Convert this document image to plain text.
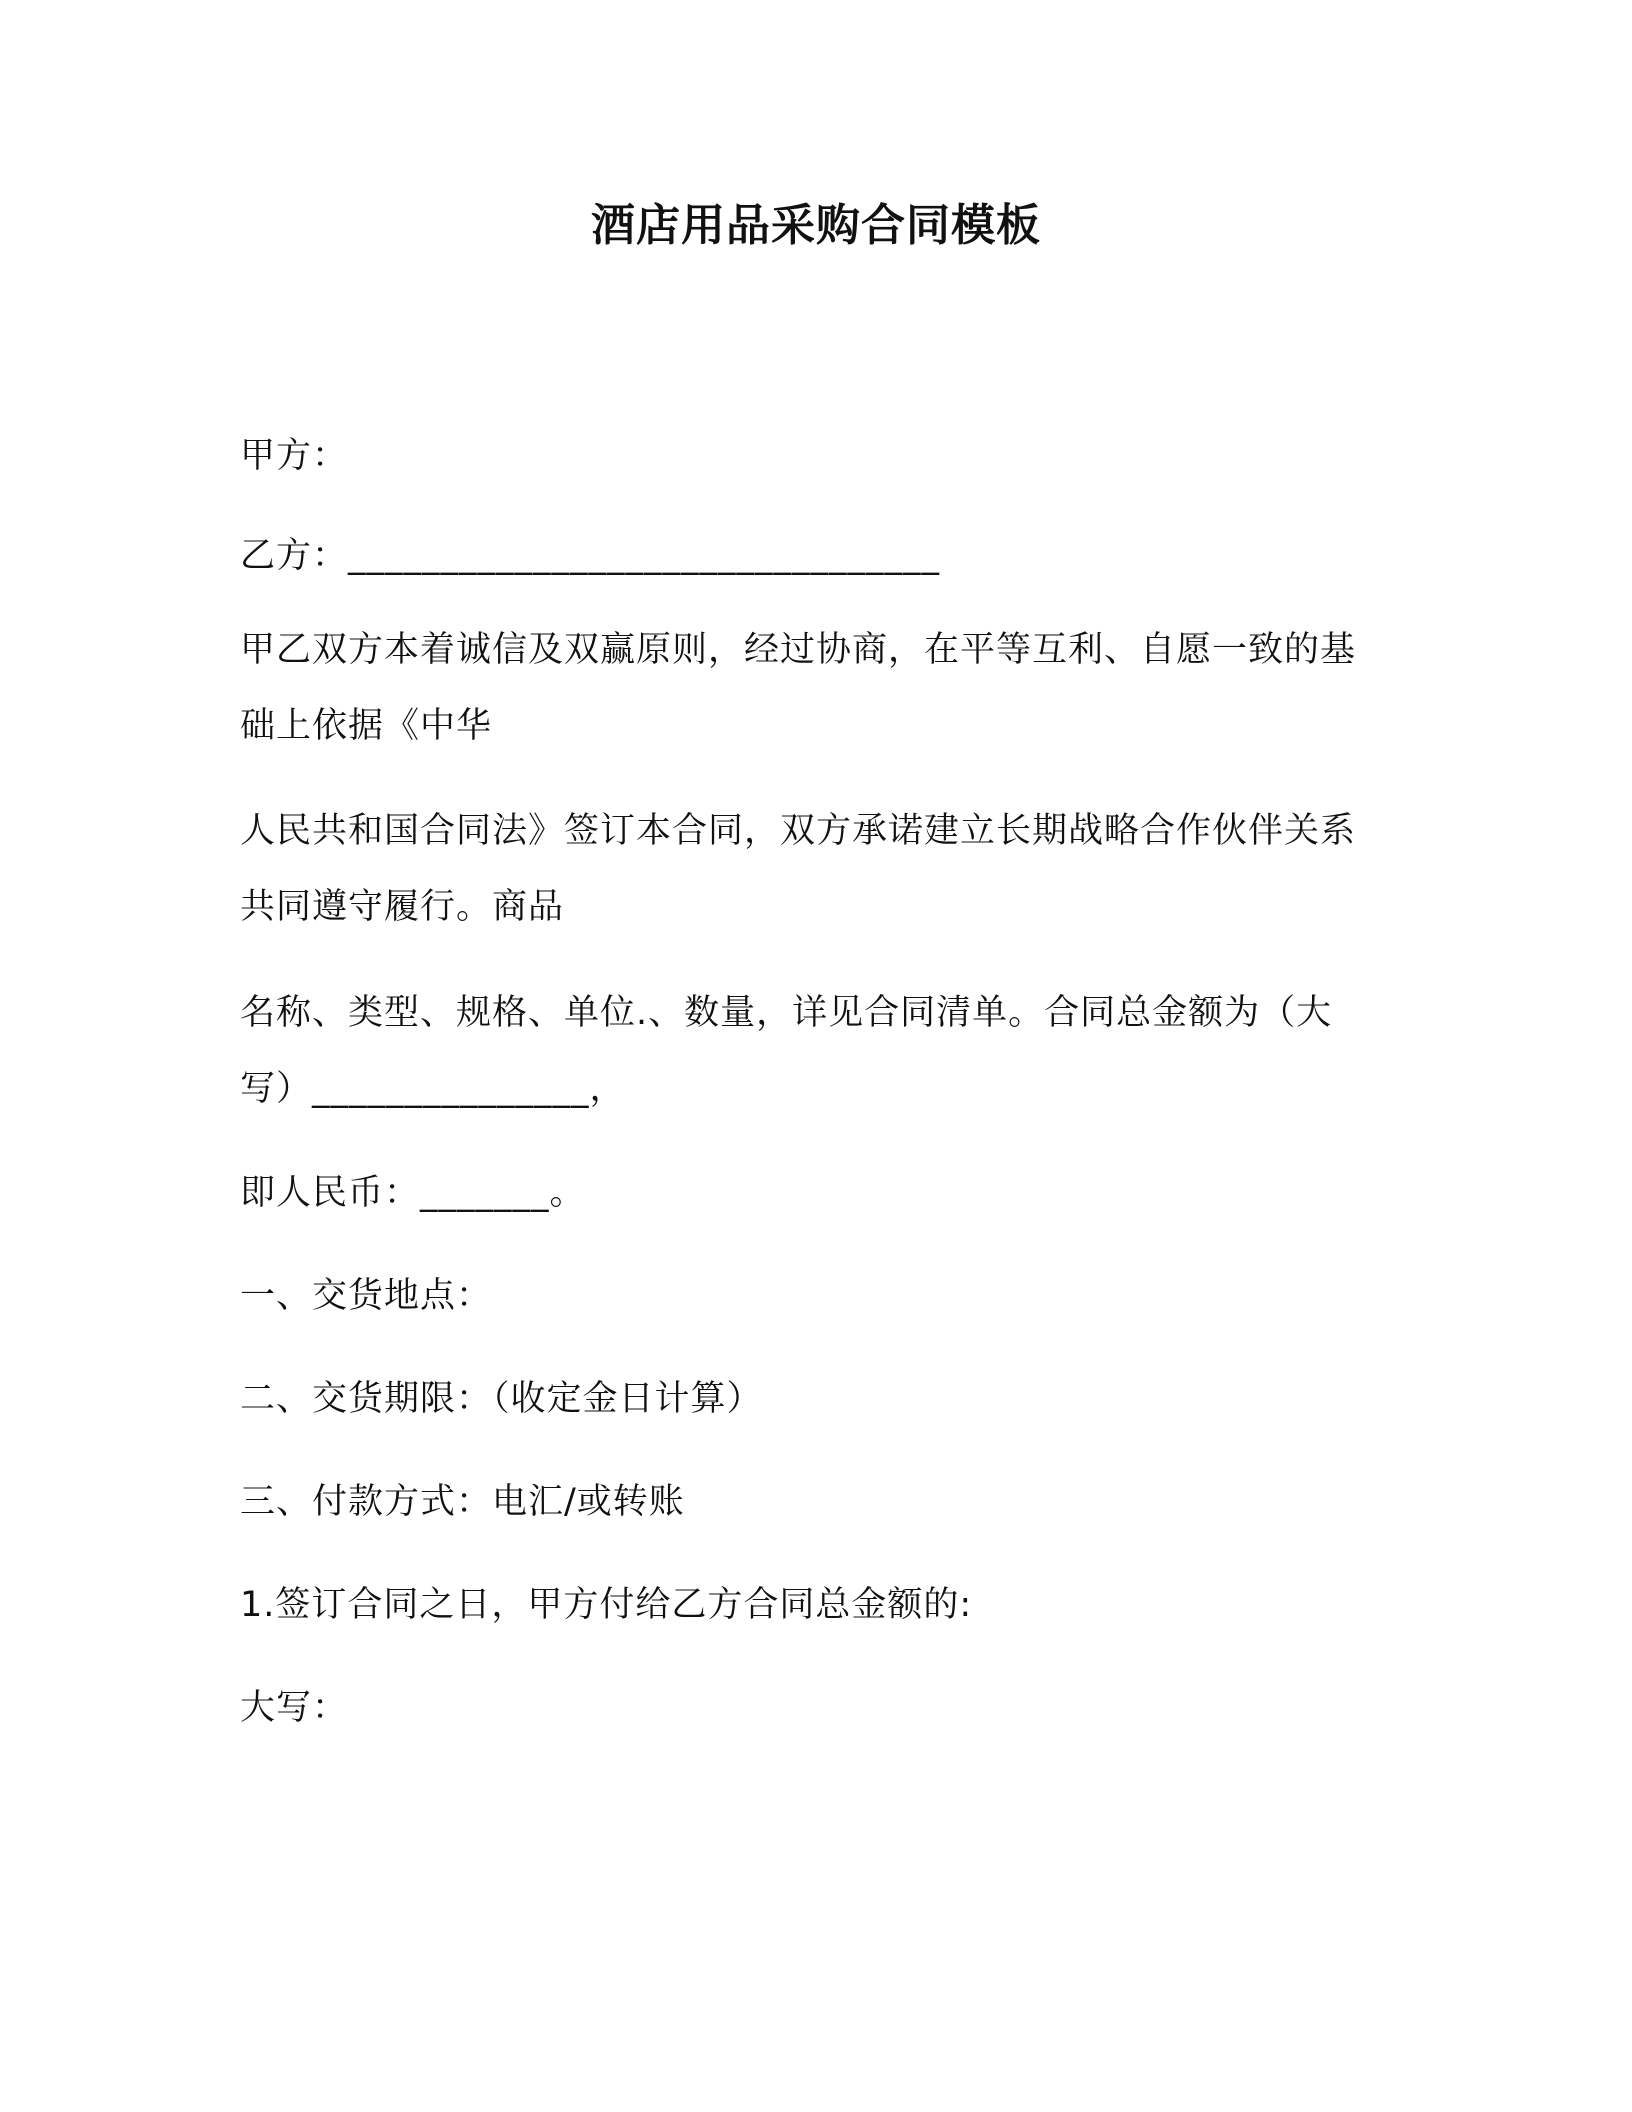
酒店用品采购合同模板
甲方：
乙方：________________________________
甲乙双方本着诚信及双赢原则，经过协商，在平等互利、自愿一致的基础上依据《中华
人民共和国合同法》签订本合同，双方承诺建立长期战略合作伙伴关系共同遵守履行。商品
名称、类型、规格、单位.、数量，详见合同清单。合同总金额为（大写）_______________，
即人民币：_______。
一、交货地点：
二、交货期限：（收定金日计算）
三、付款方式：电汇/或转账
1.签订合同之日，甲方付给乙方合同总金额的:
大写：
